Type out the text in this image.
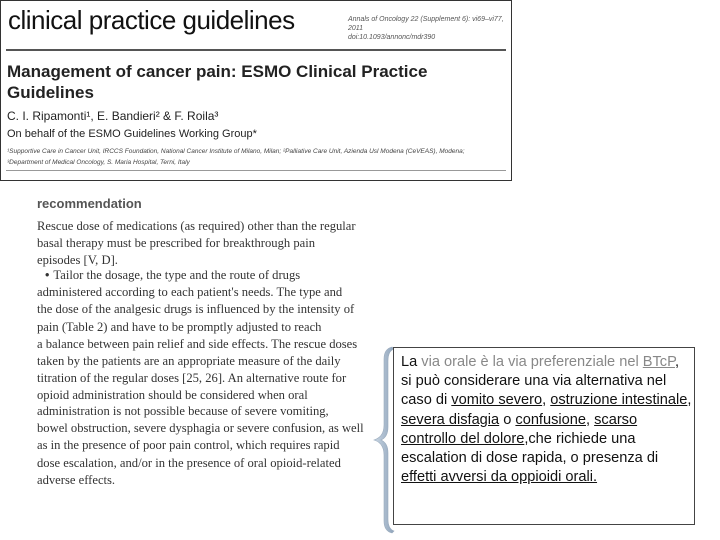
clinical practice guidelines	Annals of Oncology 22 (Supplement 6): vi69–vi77, 2011
doi:10.1093/annonc/mdr390
Management of cancer pain: ESMO Clinical Practice Guidelines
C. I. Ripamonti¹, E. Bandieri² & F. Roila³
On behalf of the ESMO Guidelines Working Group*
¹Supportive Care in Cancer Unit, IRCCS Foundation, National Cancer Institute of Milano, Milan; ²Palliative Care Unit, Azienda Usl Modena (CeVEAS), Modena;
³Department of Medical Oncology, S. Maria Hospital, Terni, Italy
recommendation
Rescue dose of medications (as required) other than the regular
basal therapy must be prescribed for breakthrough pain
episodes [V, D].
• Tailor the dosage, the type and the route of drugs
administered according to each patient's needs. The type and
the dose of the analgesic drugs is influenced by the intensity of
pain (Table 2) and have to be promptly adjusted to reach
a balance between pain relief and side effects. The rescue doses
taken by the patients are an appropriate measure of the daily
titration of the regular doses [25, 26]. An alternative route for
opioid administration should be considered when oral
administration is not possible because of severe vomiting,
bowel obstruction, severe dysphagia or severe confusion, as well
as in the presence of poor pain control, which requires rapid
dose escalation, and/or in the presence of oral opioid-related
adverse effects.
La via orale è la via preferenziale nel BTcP, si può considerare una via alternativa nel caso di vomito severo, ostruzione intestinale, severa disfagia o confusione, scarso controllo del dolore,che richiede una escalation di dose rapida, o presenza di effetti avversi da oppioidi orali.
